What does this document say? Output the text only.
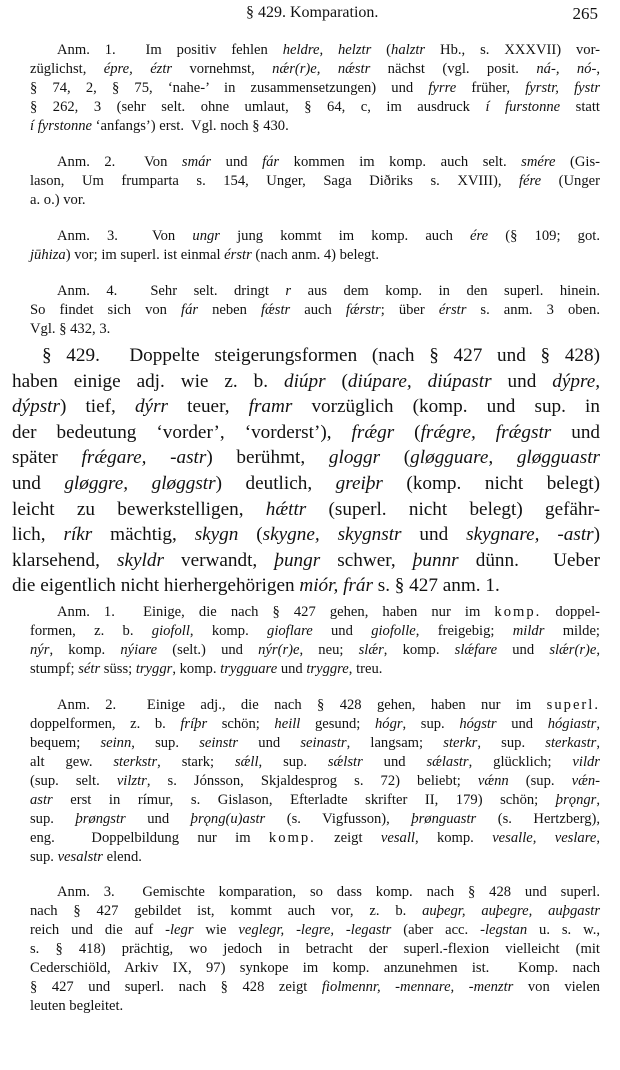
§ 429. Komparation.	265
Anm. 1.  Im positiv fehlen heldre, helztr (halztr Hb., s. XXXVII) vor-
züglichst, épre, éztr vornehmst, nǽr(r)e, nǽstr nächst (vgl. posit. ná-, nó-,
§ 74, 2, § 75, ‘nahe-’ in zusammensetzungen) und fyrre früher, fyrstr, fystr
§ 262, 3 (sehr selt. ohne umlaut, § 64, c, im ausdruck í furstonne statt
í fyrstonne ‘anfangs’) erst.  Vgl. noch § 430.
Anm. 2.  Von smár und fár kommen im komp. auch selt. smére (Gis-
lason, Um frumparta s. 154, Unger, Saga Diðriks s. XVIII), fére (Unger
a. o.) vor.
Anm. 3.  Von ungr jung kommt im komp. auch ére (§ 109; got.
jūhiza) vor; im superl. ist einmal érstr (nach anm. 4) belegt.
Anm. 4.  Sehr selt. dringt r aus dem komp. in den superl. hinein.
So findet sich von fár neben fǽstr auch fǽrstr; über érstr s. anm. 3 oben.
Vgl. § 432, 3.
§ 429.  Doppelte steigerungsformen (nach § 427 und § 428)
haben einige adj. wie z. b. diúpr (diúpare, diúpastr und dýpre,
dýpstr) tief, dýrr teuer, framr vorzüglich (komp. und sup. in
der bedeutung ‘vorder’, ‘vorderst’), frǽgr (frǽgre, frǽgstr und
später frǽgare, -astr) berühmt, gloggr (gløgguare, gløgguastr
und gløggre, gløggstr) deutlich, greiþr (komp. nicht belegt)
leicht zu bewerkstelligen, hǽttr (superl. nicht belegt) gefähr-
lich, ríkr mächtig, skygn (skygne, skygnstr und skygnare, -astr)
klarsehend, skyldr verwandt, þungr schwer, þunnr dünn.  Ueber
die eigentlich nicht hierhergehörigen miór, frár s. § 427 anm. 1.
Anm. 1.  Einige, die nach § 427 gehen, haben nur im komp. doppel-
formen, z. b. giofoll, komp. gioflare und giofolle, freigebig; mildr milde;
nýr, komp. nýiare (selt.) und nýr(r)e, neu; slǽr, komp. slǽfare und slǽr(r)e,
stumpf; sétr süss; tryggr, komp. trygguare und tryggre, treu.
Anm. 2.  Einige adj., die nach § 428 gehen, haben nur im superl.
doppelformen, z. b. fríþr schön; heill gesund; hógr, sup. hógstr und hógiastr,
bequem; seinn, sup. seinstr und seinastr, langsam; sterkr, sup. sterkastr,
alt gew. sterkstr, stark; sǽll, sup. sǽlstr und sǽlastr, glücklich; vildr
(sup. selt. vilztr, s. Jónsson, Skjaldesprog s. 72) beliebt; vǽnn (sup. vǽn-
astr erst in rímur, s. Gislason, Efterladte skrifter II, 179) schön; þrǫngr,
sup. þrøngstr und þrǫng(u)astr (s. Vigfusson), þrønguastr (s. Hertzberg),
eng.  Doppelbildung nur im komp. zeigt vesall, komp. vesalle, veslare,
sup. vesalstr elend.
Anm. 3.  Gemischte komparation, so dass komp. nach § 428 und superl.
nach § 427 gebildet ist, kommt auch vor, z. b. auþegr, auþegre, auþgastr
reich und die auf -legr wie veglegr, -legre, -legastr (aber acc. -legstan u. s. w.,
s. § 418) prächtig, wo jedoch in betracht der superl.-flexion vielleicht (mit
Cederschiöld, Arkiv IX, 97) synkope im komp. anzunehmen ist.  Komp. nach
§ 427 und superl. nach § 428 zeigt fiolmennr, -mennare, -menztr von vielen
leuten begleitet.
